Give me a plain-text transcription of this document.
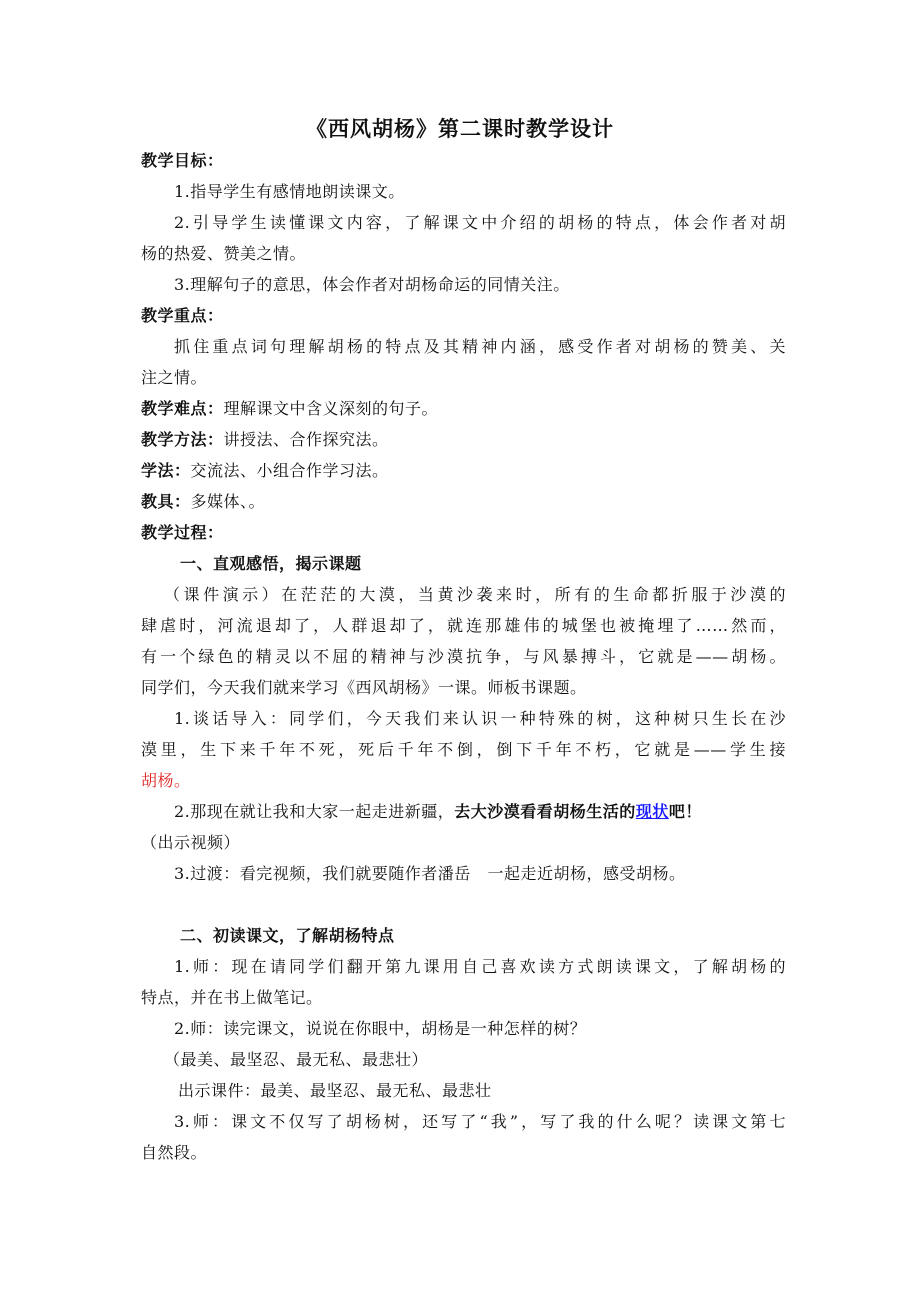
《西风胡杨》第二课时教学设计
教学目标：
1.指导学生有感情地朗读课文。
2.引导学生读懂课文内容，了解课文中介绍的胡杨的特点，体会作者对胡
杨的热爱、赞美之情。
3.理解句子的意思，体会作者对胡杨命运的同情关注。
教学重点：
抓住重点词句理解胡杨的特点及其精神内涵，感受作者对胡杨的赞美、关
注之情。
教学难点：理解课文中含义深刻的句子。
教学方法：讲授法、合作探究法。
学法：交流法、小组合作学习法。
教具：多媒体、。
教学过程：
一、直观感悟，揭示课题
（课件演示）在茫茫的大漠，当黄沙袭来时，所有的生命都折服于沙漠的
肆虐时，河流退却了，人群退却了，就连那雄伟的城堡也被掩埋了……然而，
有一个绿色的精灵以不屈的精神与沙漠抗争，与风暴搏斗，它就是——胡杨。
同学们，今天我们就来学习《西风胡杨》一课。师板书课题。
1.谈话导入：同学们，今天我们来认识一种特殊的树，这种树只生长在沙
漠里，生下来千年不死，死后千年不倒，倒下千年不朽，它就是——学生接
胡杨。
2.那现在就让我和大家一起走进新疆，去大沙漠看看胡杨生活的现状吧！
（出示视频）
3.过渡：看完视频，我们就要随作者潘岳   一起走近胡杨，感受胡杨。
二、初读课文，了解胡杨特点
1.师：现在请同学们翻开第九课用自己喜欢读方式朗读课文，了解胡杨的
特点，并在书上做笔记。
2.师：读完课文，说说在你眼中，胡杨是一种怎样的树？
（最美、最坚忍、最无私、最悲壮）
出示课件：最美、最坚忍、最无私、最悲壮
3.师：课文不仅写了胡杨树，还写了“我”，写了我的什么呢？读课文第七
自然段。
